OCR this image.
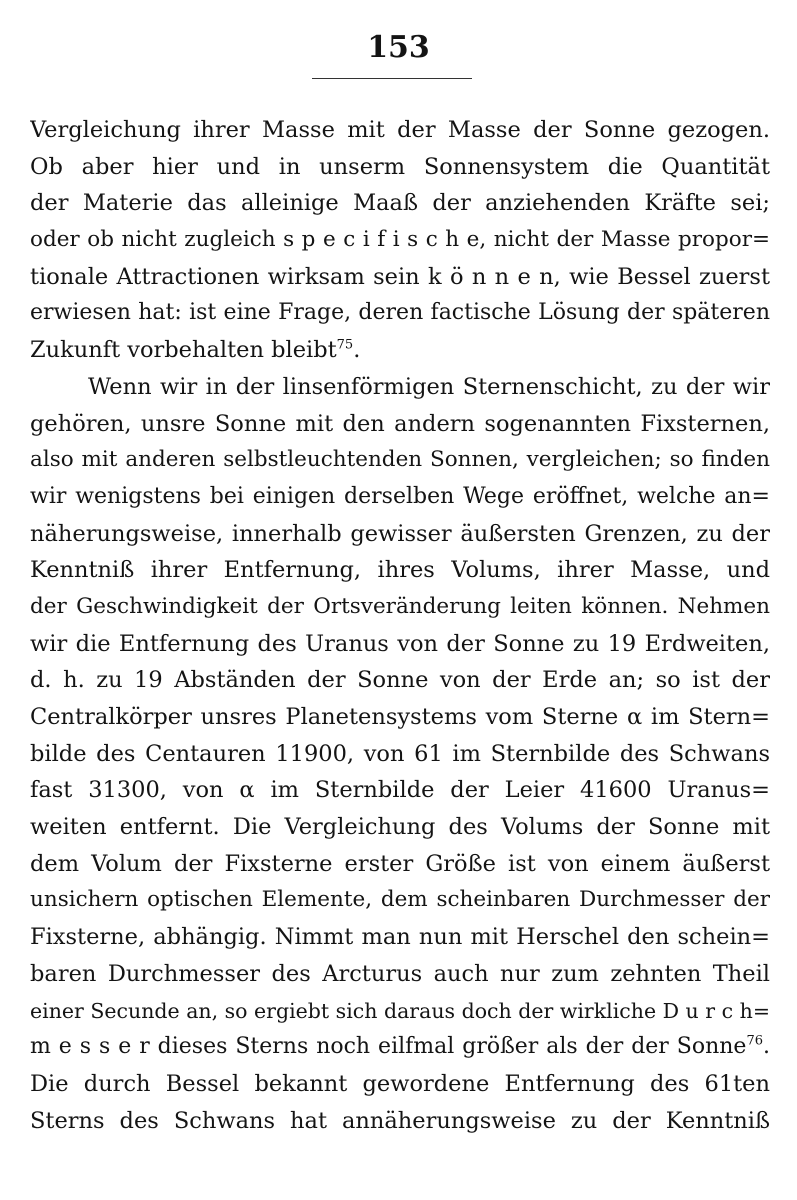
153
Vergleichung ihrer Masse mit der Masse der Sonne gezogen.
Ob aber hier und in unserm Sonnensystem die Quantität
der Materie das alleinige Maaß der anziehenden Kräfte sei;
oder ob nicht zugleich s p e c i f i s c h e, nicht der Masse propor=
tionale Attractionen wirksam sein k ö n n e n, wie Bessel zuerst
erwiesen hat: ist eine Frage, deren factische Lösung der späteren
Zukunft vorbehalten bleibt$^{75}$.
Wenn wir in der linsenförmigen Sternenschicht, zu der wir
gehören, unsre Sonne mit den andern sogenannten Fixsternen,
also mit anderen selbstleuchtenden Sonnen, vergleichen; so finden
wir wenigstens bei einigen derselben Wege eröffnet, welche an=
näherungsweise, innerhalb gewisser äußersten Grenzen, zu der
Kenntniß ihrer Entfernung, ihres Volums, ihrer Masse, und
der Geschwindigkeit der Ortsveränderung leiten können. Nehmen
wir die Entfernung des Uranus von der Sonne zu 19 Erdweiten,
d. h. zu 19 Abständen der Sonne von der Erde an; so ist der
Centralkörper unsres Planetensystems vom Sterne α im Stern=
bilde des Centauren 11900, von 61 im Sternbilde des Schwans
fast 31300, von α im Sternbilde der Leier 41600 Uranus=
weiten entfernt. Die Vergleichung des Volums der Sonne mit
dem Volum der Fixsterne erster Größe ist von einem äußerst
unsichern optischen Elemente, dem scheinbaren Durchmesser der
Fixsterne, abhängig. Nimmt man nun mit Herschel den schein=
baren Durchmesser des Arcturus auch nur zum zehnten Theil
einer Secunde an, so ergiebt sich daraus doch der wirkliche D u r c h=
m e s s e r dieses Sterns noch eilfmal größer als der der Sonne$^{76}$.
Die durch Bessel bekannt gewordene Entfernung des 61ten
Sterns des Schwans hat annäherungsweise zu der Kenntniß
